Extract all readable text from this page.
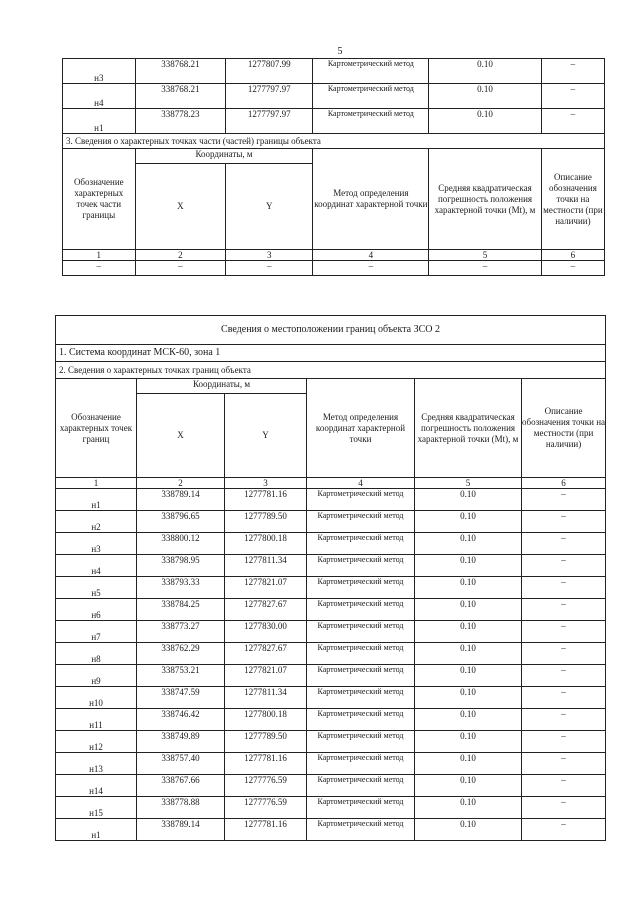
5
н3	338768.21	1277807.99	Картометрический метод	0.10	–
н4	338768.21	1277797.97	Картометрический метод	0.10	–
н1	338778.23	1277797.97	Картометрический метод	0.10	–
3. Сведения о характерных точках части (частей) границы объекта					
Обозначение характерных точек части границы	Координаты, м		Метод определения координат характерной точки	Средняя квадратическая погрешность положения характерной точки (Mt), м	Описание обозначения точки на местности (при наличии)
	X	Y			
1	2	3	4	5	6
–	–	–	–	–	–
Сведения о местоположении границ объекта ЗСО 2					
1. Система координат МСК-60, зона 1					
2. Сведения о характерных точках границ объекта					
Обозначение характерных точек границ	Координаты, м		Метод определения координат характерной точки	Средняя квадратическая погрешность положения характерной точки (Mt), м	Описание обозначения точки на местности (при наличии)
	X	Y			
1	2	3	4	5	6
н1	338789.14	1277781.16	Картометрический метод	0.10	–
н2	338796.65	1277789.50	Картометрический метод	0.10	–
н3	338800.12	1277800.18	Картометрический метод	0.10	–
н4	338798.95	1277811.34	Картометрический метод	0.10	–
н5	338793.33	1277821.07	Картометрический метод	0.10	–
н6	338784.25	1277827.67	Картометрический метод	0.10	–
н7	338773.27	1277830.00	Картометрический метод	0.10	–
н8	338762.29	1277827.67	Картометрический метод	0.10	–
н9	338753.21	1277821.07	Картометрический метод	0.10	–
н10	338747.59	1277811.34	Картометрический метод	0.10	–
н11	338746.42	1277800.18	Картометрический метод	0.10	–
н12	338749.89	1277789.50	Картометрический метод	0.10	–
н13	338757.40	1277781.16	Картометрический метод	0.10	–
н14	338767.66	1277776.59	Картометрический метод	0.10	–
н15	338778.88	1277776.59	Картометрический метод	0.10	–
н1	338789.14	1277781.16	Картометрический метод	0.10	–
